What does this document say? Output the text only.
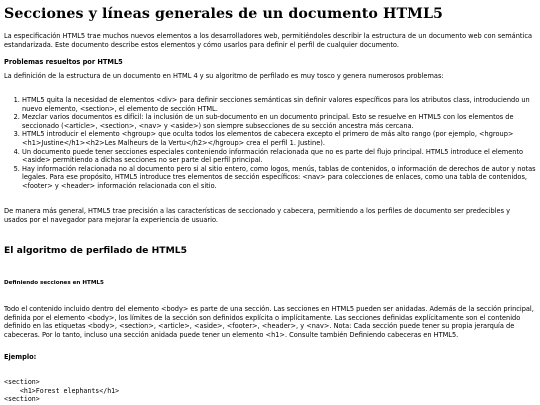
Secciones y líneas generales de un documento HTML5

La especificación HTML5 trae muchos nuevos elementos a los desarrolladores web, permitiéndoles describir la estructura de un documento web con semántica estandarizada. Este documento describe estos elementos y cómo usarlos para definir el perfil de cualquier documento.

Problemas resueltos por HTML5

La definición de la estructura de un documento en HTML 4 y su algoritmo de perfilado es muy tosco y genera numerosos problemas:

1. HTML5 quita la necesidad de elementos <div> para definir secciones semánticas sin definir valores específicos para los atributos class, introduciendo un nuevo elemento, <section>, el elemento de sección HTML.
2. Mezclar varios documentos es difícil: la inclusión de un sub-documento en un documento principal. Esto se resuelve en HTML5 con los elementos de seccionado (<article>, <section>, <nav> y <aside>) son siempre subsecciones de su sección ancestra más cercana.
3. HTML5 introducir el elemento <hgroup> que oculta todos los elementos de cabecera excepto el primero de más alto rango (por ejemplo, <hgroup><h1>Justine</h1><h2>Les Malheurs de la Vertu</h2></hgroup> crea el perfil 1. Justine).
4. Un documento puede tener secciones especiales conteniendo información relacionada que no es parte del flujo principal. HTML5 introduce el elemento <aside> permitiendo a dichas secciones no ser parte del perfil principal.
5. Hay información relacionada no al documento pero si al sitio entero, como logos, menús, tablas de contenidos, o información de derechos de autor y notas legales. Para ese propósito, HTML5 introduce tres elementos de sección específicos: <nav> para colecciones de enlaces, como una tabla de contenidos, <footer> y <header> información relacionada con el sitio.

De manera más general, HTML5 trae precisión a las características de seccionado y cabecera, permitiendo a los perfiles de documento ser predecibles y usados por el navegador para mejorar la experiencia de usuario.

El algoritmo de perfilado de HTML5
Definiendo secciones en HTML5

Todo el contenido incluido dentro del elemento <body> es parte de una sección. Las secciones en HTML5 pueden ser anidadas. Además de la sección principal, definida por el elemento <body>, los límites de la sección son definidos explícita o implícitamente. Las secciones definidas explícitamente son el contenido definido en las etiquetas <body>, <section>, <article>, <aside>, <footer>, <header>, y <nav>. Nota: Cada sección puede tener su propia jerarquía de cabeceras. Por lo tanto, incluso una sección anidada puede tener un elemento <h1>. Consulte también Definiendo cabeceras en HTML5.

Ejemplo:

<section>
<h1>Forest elephants</h1>
<section>
